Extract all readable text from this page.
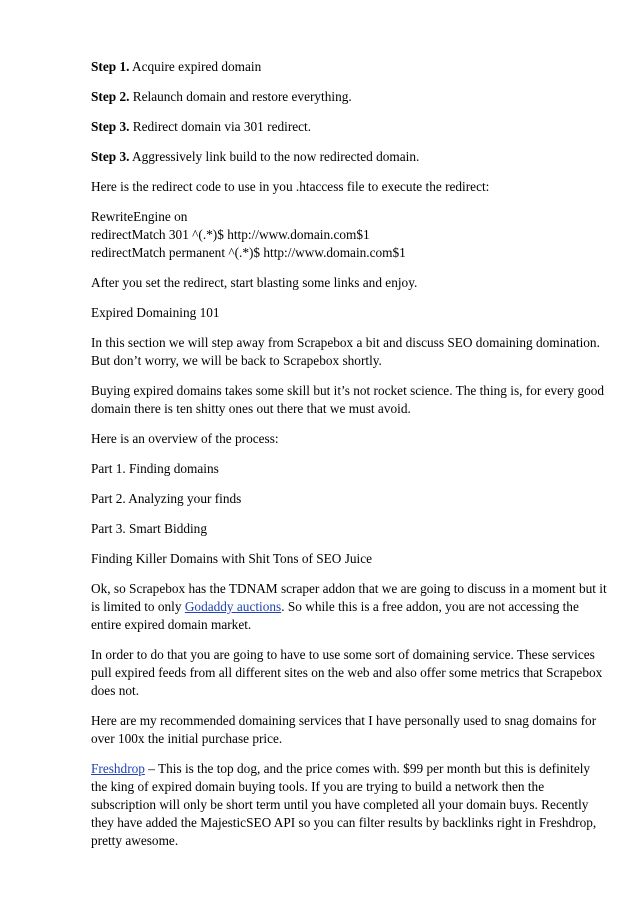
Step 1. Acquire expired domain

Step 2. Relaunch domain and restore everything.

Step 3. Redirect domain via 301 redirect.

Step 3. Aggressively link build to the now redirected domain.

Here is the redirect code to use in you .htaccess file to execute the redirect:

RewriteEngine on
redirectMatch 301 ^(.*)$ http://www.domain.com$1
redirectMatch permanent ^(.*)$ http://www.domain.com$1

After you set the redirect, start blasting some links and enjoy.

Expired Domaining 101

In this section we will step away from Scrapebox a bit and discuss SEO domaining domination.
But don’t worry, we will be back to Scrapebox shortly.

Buying expired domains takes some skill but it’s not rocket science. The thing is, for every good
domain there is ten shitty ones out there that we must avoid.

Here is an overview of the process:

Part 1. Finding domains

Part 2. Analyzing your finds

Part 3. Smart Bidding

Finding Killer Domains with Shit Tons of SEO Juice

Ok, so Scrapebox has the TDNAM scraper addon that we are going to discuss in a moment but it
is limited to only Godaddy auctions. So while this is a free addon, you are not accessing the
entire expired domain market.

In order to do that you are going to have to use some sort of domaining service. These services
pull expired feeds from all different sites on the web and also offer some metrics that Scrapebox
does not.

Here are my recommended domaining services that I have personally used to snag domains for
over 100x the initial purchase price.

Freshdrop – This is the top dog, and the price comes with. $99 per month but this is definitely
the king of expired domain buying tools. If you are trying to build a network then the
subscription will only be short term until you have completed all your domain buys. Recently
they have added the MajesticSEO API so you can filter results by backlinks right in Freshdrop,
pretty awesome.
